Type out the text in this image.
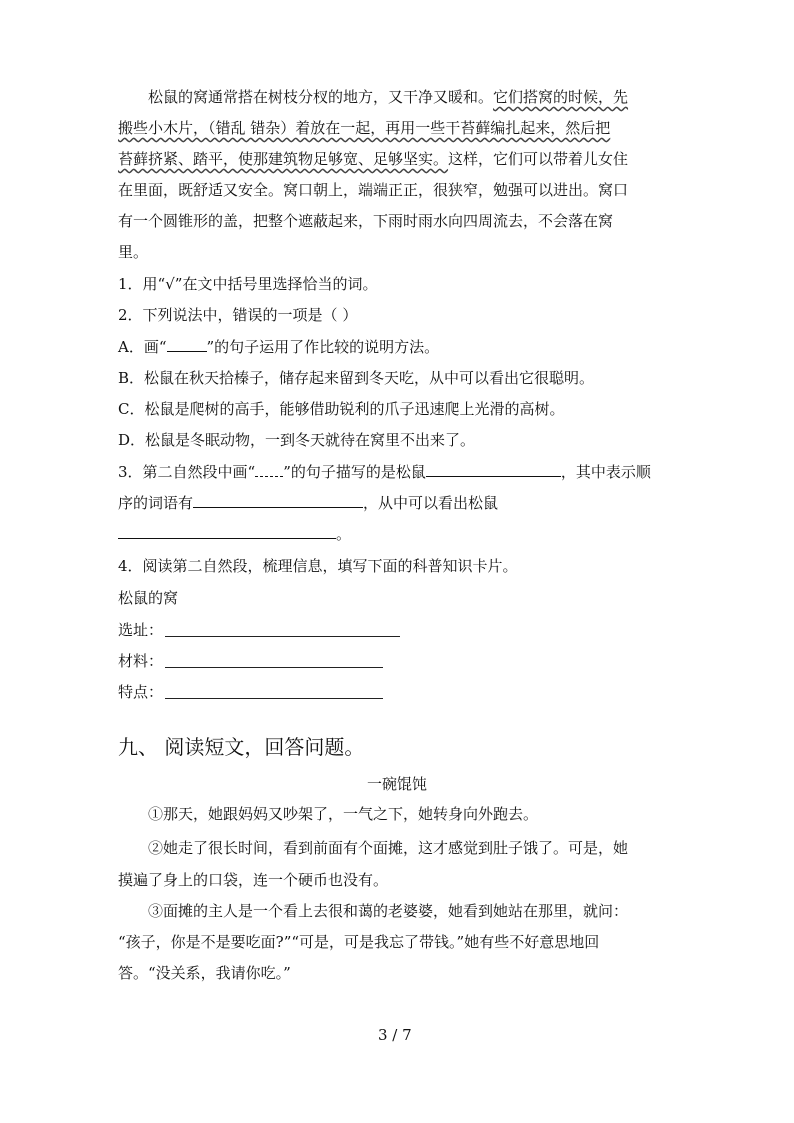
松鼠的窝通常搭在树枝分杈的地方，又干净又暖和。它们搭窝的时候，先
搬些小木片，（错乱 错杂）着放在一起，再用一些干苔藓编扎起来，然后把
苔藓挤紧、踏平，使那建筑物足够宽、足够坚实。这样，它们可以带着儿女住
在里面，既舒适又安全。窝口朝上，端端正正，很狭窄，勉强可以进出。窝口
有一个圆锥形的盖，把整个遮蔽起来，下雨时雨水向四周流去，不会落在窝
里。
1．用“√”在文中括号里选择恰当的词。
2．下列说法中，错误的一项是（ ）
A．画“	”的句子运用了作比较的说明方法。
B．松鼠在秋天拾榛子，储存起来留到冬天吃，从中可以看出它很聪明。
C．松鼠是爬树的高手，能够借助锐利的爪子迅速爬上光滑的高树。
D．松鼠是冬眠动物，一到冬天就待在窝里不出来了。
3．第二自然段中画“ ”的句子描写的是松鼠	，其中表示顺
序的词语有	，从中可以看出松鼠
。
4．阅读第二自然段，梳理信息，填写下面的科普知识卡片。
松鼠的窝
选址：
材料：
特点：
九、 阅读短文，回答问题。
一碗馄饨
①那天，她跟妈妈又吵架了，一气之下，她转身向外跑去。
②她走了很长时间，看到前面有个面摊，这才感觉到肚子饿了。可是，她
摸遍了身上的口袋，连一个硬币也没有。
③面摊的主人是一个看上去很和蔼的老婆婆，她看到她站在那里，就问：
“孩子，你是不是要吃面?”“可是，可是我忘了带钱。”她有些不好意思地回
答。“没关系，我请你吃。”
3 / 7
